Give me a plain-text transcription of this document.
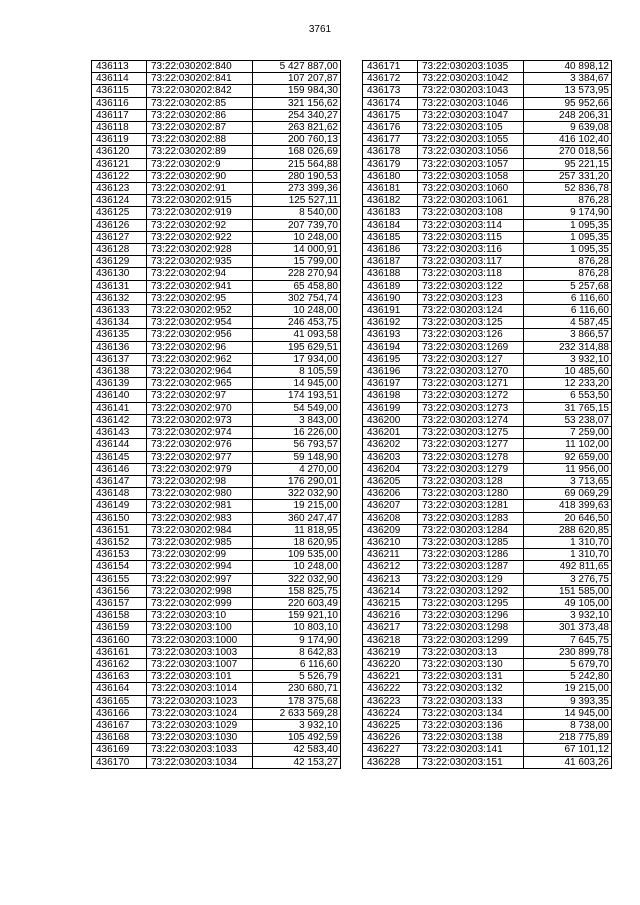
3761
436113	73:22:030202:840	5 427 887,00
436114	73:22:030202:841	107 207,87
436115	73:22:030202:842	159 984,30
436116	73:22:030202:85	321 156,62
436117	73:22:030202:86	254 340,27
436118	73:22:030202:87	263 821,62
436119	73:22:030202:88	200 760,13
436120	73:22:030202:89	168 026,69
436121	73:22:030202:9	215 564,88
436122	73:22:030202:90	280 190,53
436123	73:22:030202:91	273 399,36
436124	73:22:030202:915	125 527,11
436125	73:22:030202:919	8 540,00
436126	73:22:030202:92	207 739,70
436127	73:22:030202:922	10 248,00
436128	73:22:030202:928	14 000,91
436129	73:22:030202:935	15 799,00
436130	73:22:030202:94	228 270,94
436131	73:22:030202:941	65 458,80
436132	73:22:030202:95	302 754,74
436133	73:22:030202:952	10 248,00
436134	73:22:030202:954	246 453,75
436135	73:22:030202:956	41 093,58
436136	73:22:030202:96	195 629,51
436137	73:22:030202:962	17 934,00
436138	73:22:030202:964	8 105,59
436139	73:22:030202:965	14 945,00
436140	73:22:030202:97	174 193,51
436141	73:22:030202:970	54 549,00
436142	73:22:030202:973	3 843,00
436143	73:22:030202:974	16 226,00
436144	73:22:030202:976	56 793,57
436145	73:22:030202:977	59 148,90
436146	73:22:030202:979	4 270,00
436147	73:22:030202:98	176 290,01
436148	73:22:030202:980	322 032,90
436149	73:22:030202:981	19 215,00
436150	73:22:030202:983	360 247,47
436151	73:22:030202:984	11 818,95
436152	73:22:030202:985	18 620,95
436153	73:22:030202:99	109 535,00
436154	73:22:030202:994	10 248,00
436155	73:22:030202:997	322 032,90
436156	73:22:030202:998	158 825,75
436157	73:22:030202:999	220 603,49
436158	73:22:030203:10	159 921,10
436159	73:22:030203:100	10 803,10
436160	73:22:030203:1000	9 174,90
436161	73:22:030203:1003	8 642,83
436162	73:22:030203:1007	6 116,60
436163	73:22:030203:101	5 526,79
436164	73:22:030203:1014	230 680,71
436165	73:22:030203:1023	178 375,68
436166	73:22:030203:1024	2 633 569,28
436167	73:22:030203:1029	3 932,10
436168	73:22:030203:1030	105 492,59
436169	73:22:030203:1033	42 583,40
436170	73:22:030203:1034	42 153,27
436171	73:22:030203:1035	40 898,12
436172	73:22:030203:1042	3 384,67
436173	73:22:030203:1043	13 573,95
436174	73:22:030203:1046	95 952,66
436175	73:22:030203:1047	248 206,31
436176	73:22:030203:105	9 639,08
436177	73:22:030203:1055	416 102,40
436178	73:22:030203:1056	270 018,56
436179	73:22:030203:1057	95 221,15
436180	73:22:030203:1058	257 331,20
436181	73:22:030203:1060	52 836,78
436182	73:22:030203:1061	876,28
436183	73:22:030203:108	9 174,90
436184	73:22:030203:114	1 095,35
436185	73:22:030203:115	1 095,35
436186	73:22:030203:116	1 095,35
436187	73:22:030203:117	876,28
436188	73:22:030203:118	876,28
436189	73:22:030203:122	5 257,68
436190	73:22:030203:123	6 116,60
436191	73:22:030203:124	6 116,60
436192	73:22:030203:125	4 587,45
436193	73:22:030203:126	3 866,57
436194	73:22:030203:1269	232 314,88
436195	73:22:030203:127	3 932,10
436196	73:22:030203:1270	10 485,60
436197	73:22:030203:1271	12 233,20
436198	73:22:030203:1272	6 553,50
436199	73:22:030203:1273	31 765,15
436200	73:22:030203:1274	53 238,07
436201	73:22:030203:1275	7 259,00
436202	73:22:030203:1277	11 102,00
436203	73:22:030203:1278	92 659,00
436204	73:22:030203:1279	11 956,00
436205	73:22:030203:128	3 713,65
436206	73:22:030203:1280	69 069,29
436207	73:22:030203:1281	418 399,63
436208	73:22:030203:1283	20 646,50
436209	73:22:030203:1284	288 620,85
436210	73:22:030203:1285	1 310,70
436211	73:22:030203:1286	1 310,70
436212	73:22:030203:1287	492 811,65
436213	73:22:030203:129	3 276,75
436214	73:22:030203:1292	151 585,00
436215	73:22:030203:1295	49 105,00
436216	73:22:030203:1296	3 932,10
436217	73:22:030203:1298	301 373,48
436218	73:22:030203:1299	7 645,75
436219	73:22:030203:13	230 899,78
436220	73:22:030203:130	5 679,70
436221	73:22:030203:131	5 242,80
436222	73:22:030203:132	19 215,00
436223	73:22:030203:133	9 393,35
436224	73:22:030203:134	14 945,00
436225	73:22:030203:136	8 738,00
436226	73:22:030203:138	218 775,89
436227	73:22:030203:141	67 101,12
436228	73:22:030203:151	41 603,26
